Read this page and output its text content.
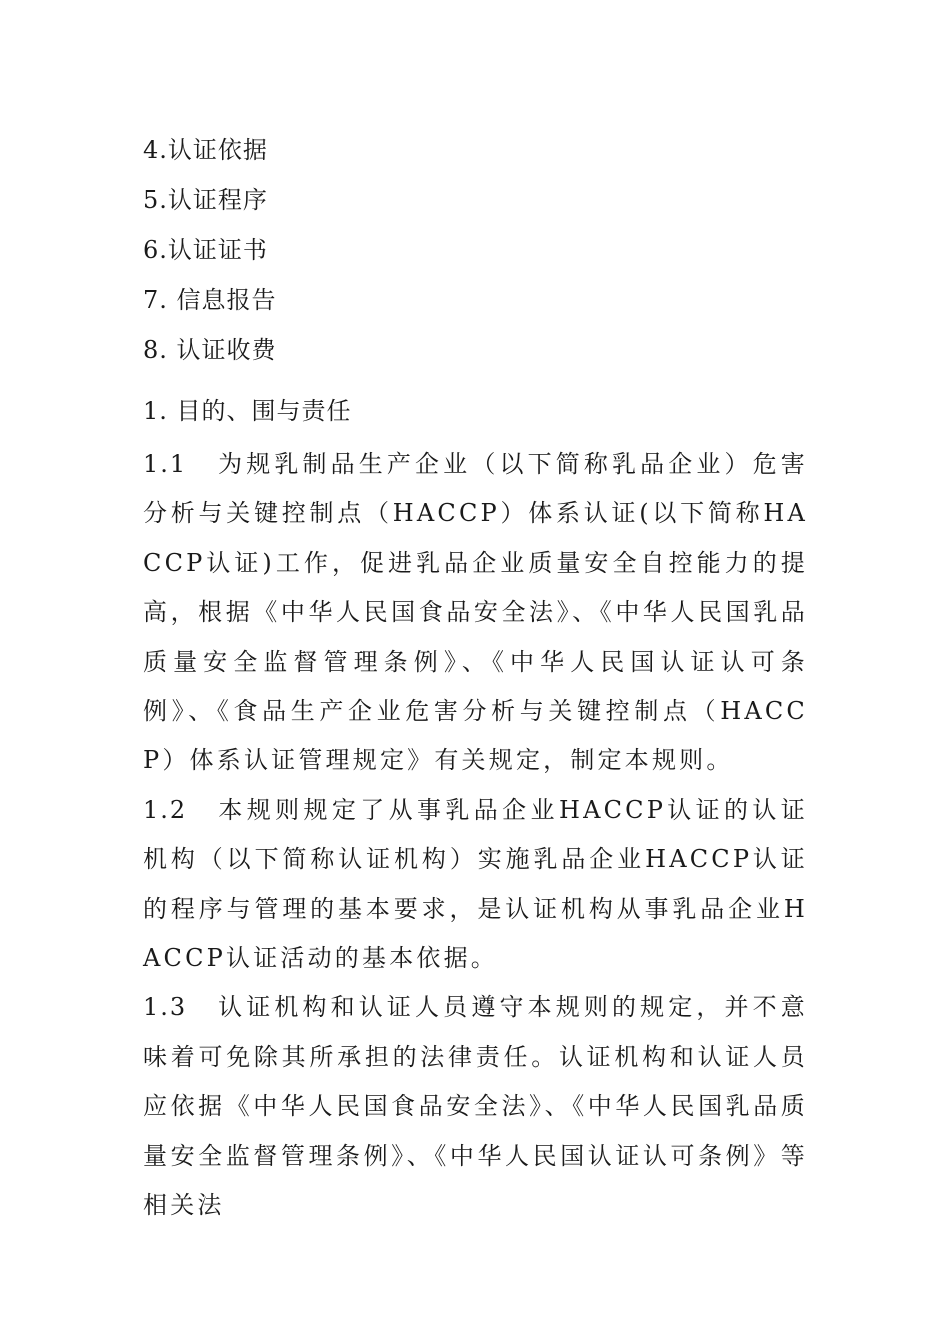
4.认证依据
5.认证程序
6.认证证书
7. 信息报告
8. 认证收费
1. 目的、围与责任

1.1 为规乳制品生产企业（以下简称乳品企业）危害分析与关键控制点（HACCP）体系认证(以下简称HACCP认证)工作，促进乳品企业质量安全自控能力的提高，根据《中华人民国食品安全法》、《中华人民国乳品质量安全监督管理条例》、《中华人民国认证认可条例》、《食品生产企业危害分析与关键控制点（HACCP）体系认证管理规定》有关规定，制定本规则。

1.2 本规则规定了从事乳品企业HACCP认证的认证机构（以下简称认证机构）实施乳品企业HACCP认证的程序与管理的基本要求，是认证机构从事乳品企业HACCP认证活动的基本依据。

1.3 认证机构和认证人员遵守本规则的规定，并不意味着可免除其所承担的法律责任。认证机构和认证人员应依据《中华人民国食品安全法》、《中华人民国乳品质量安全监督管理条例》、《中华人民国认证认可条例》等相关法
